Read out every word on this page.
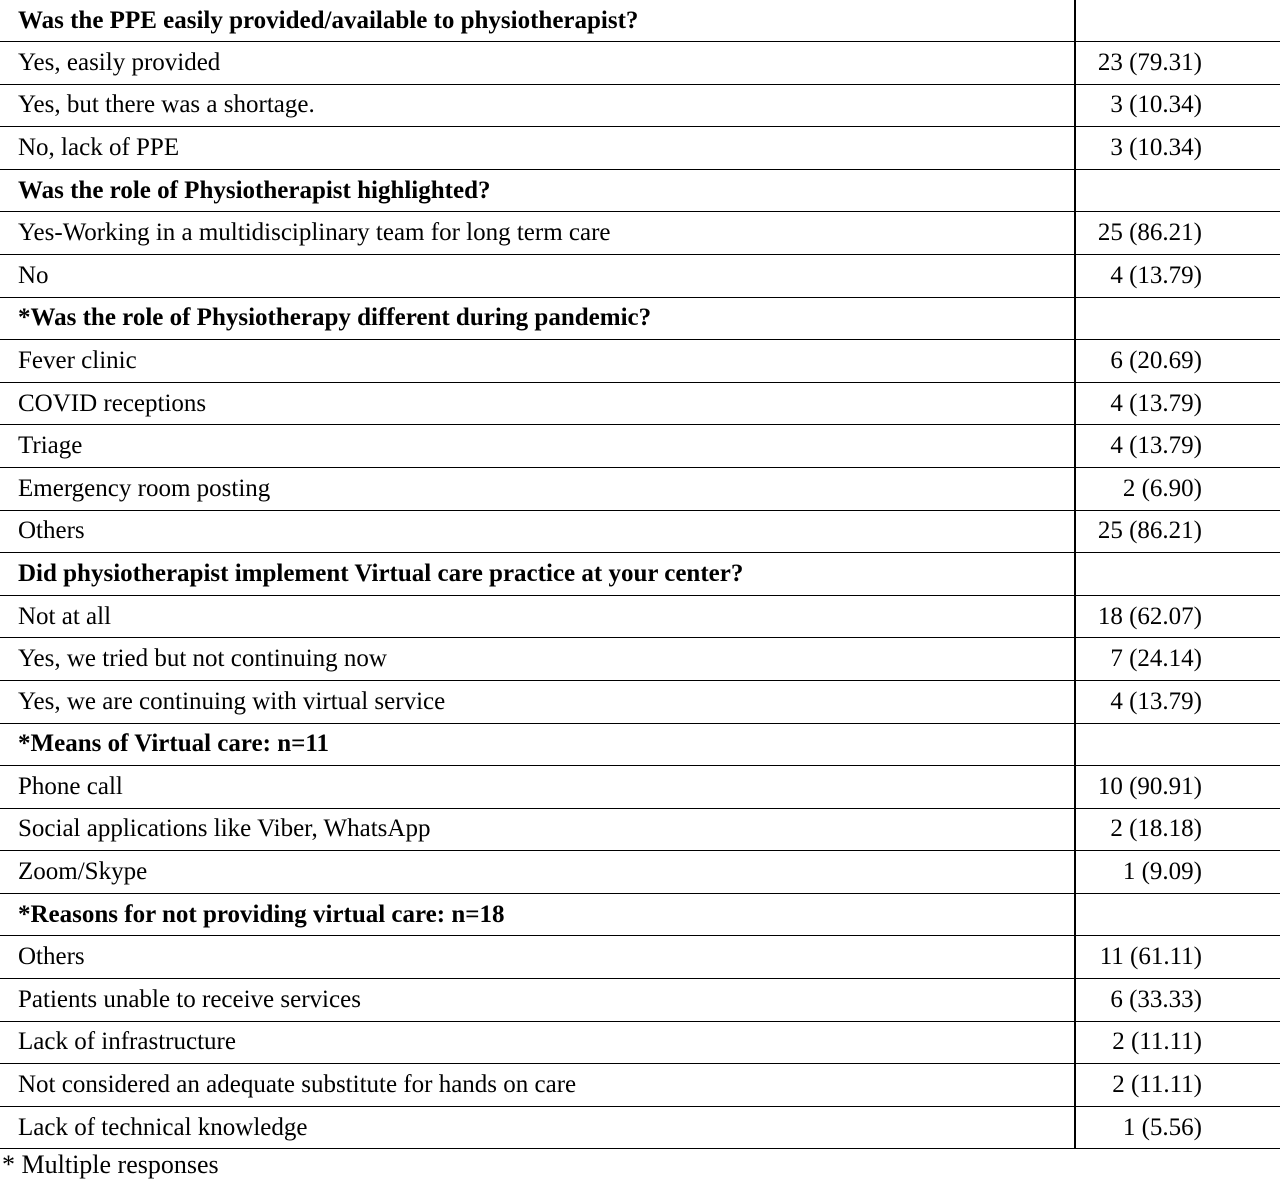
Was the PPE easily provided/available to physiotherapist?
Yes, easily provided	23 (79.31)
Yes, but there was a shortage.	3 (10.34)
No, lack of PPE	3 (10.34)
Was the role of Physiotherapist highlighted?
Yes-Working in a multidisciplinary team for long term care	25 (86.21)
No	4 (13.79)
*Was the role of Physiotherapy different during pandemic?
Fever clinic	6 (20.69)
COVID receptions	4 (13.79)
Triage	4 (13.79)
Emergency room posting	2 (6.90)
Others	25 (86.21)
Did physiotherapist implement Virtual care practice at your center?
Not at all	18 (62.07)
Yes, we tried but not continuing now	7 (24.14)
Yes, we are continuing with virtual service	4 (13.79)
*Means of Virtual care: n=11
Phone call	10 (90.91)
Social applications like Viber, WhatsApp	2 (18.18)
Zoom/Skype	1 (9.09)
*Reasons for not providing virtual care: n=18
Others	11 (61.11)
Patients unable to receive services	6 (33.33)
Lack of infrastructure	2 (11.11)
Not considered an adequate substitute for hands on care	2 (11.11)
Lack of technical knowledge	1 (5.56)
* Multiple responses
